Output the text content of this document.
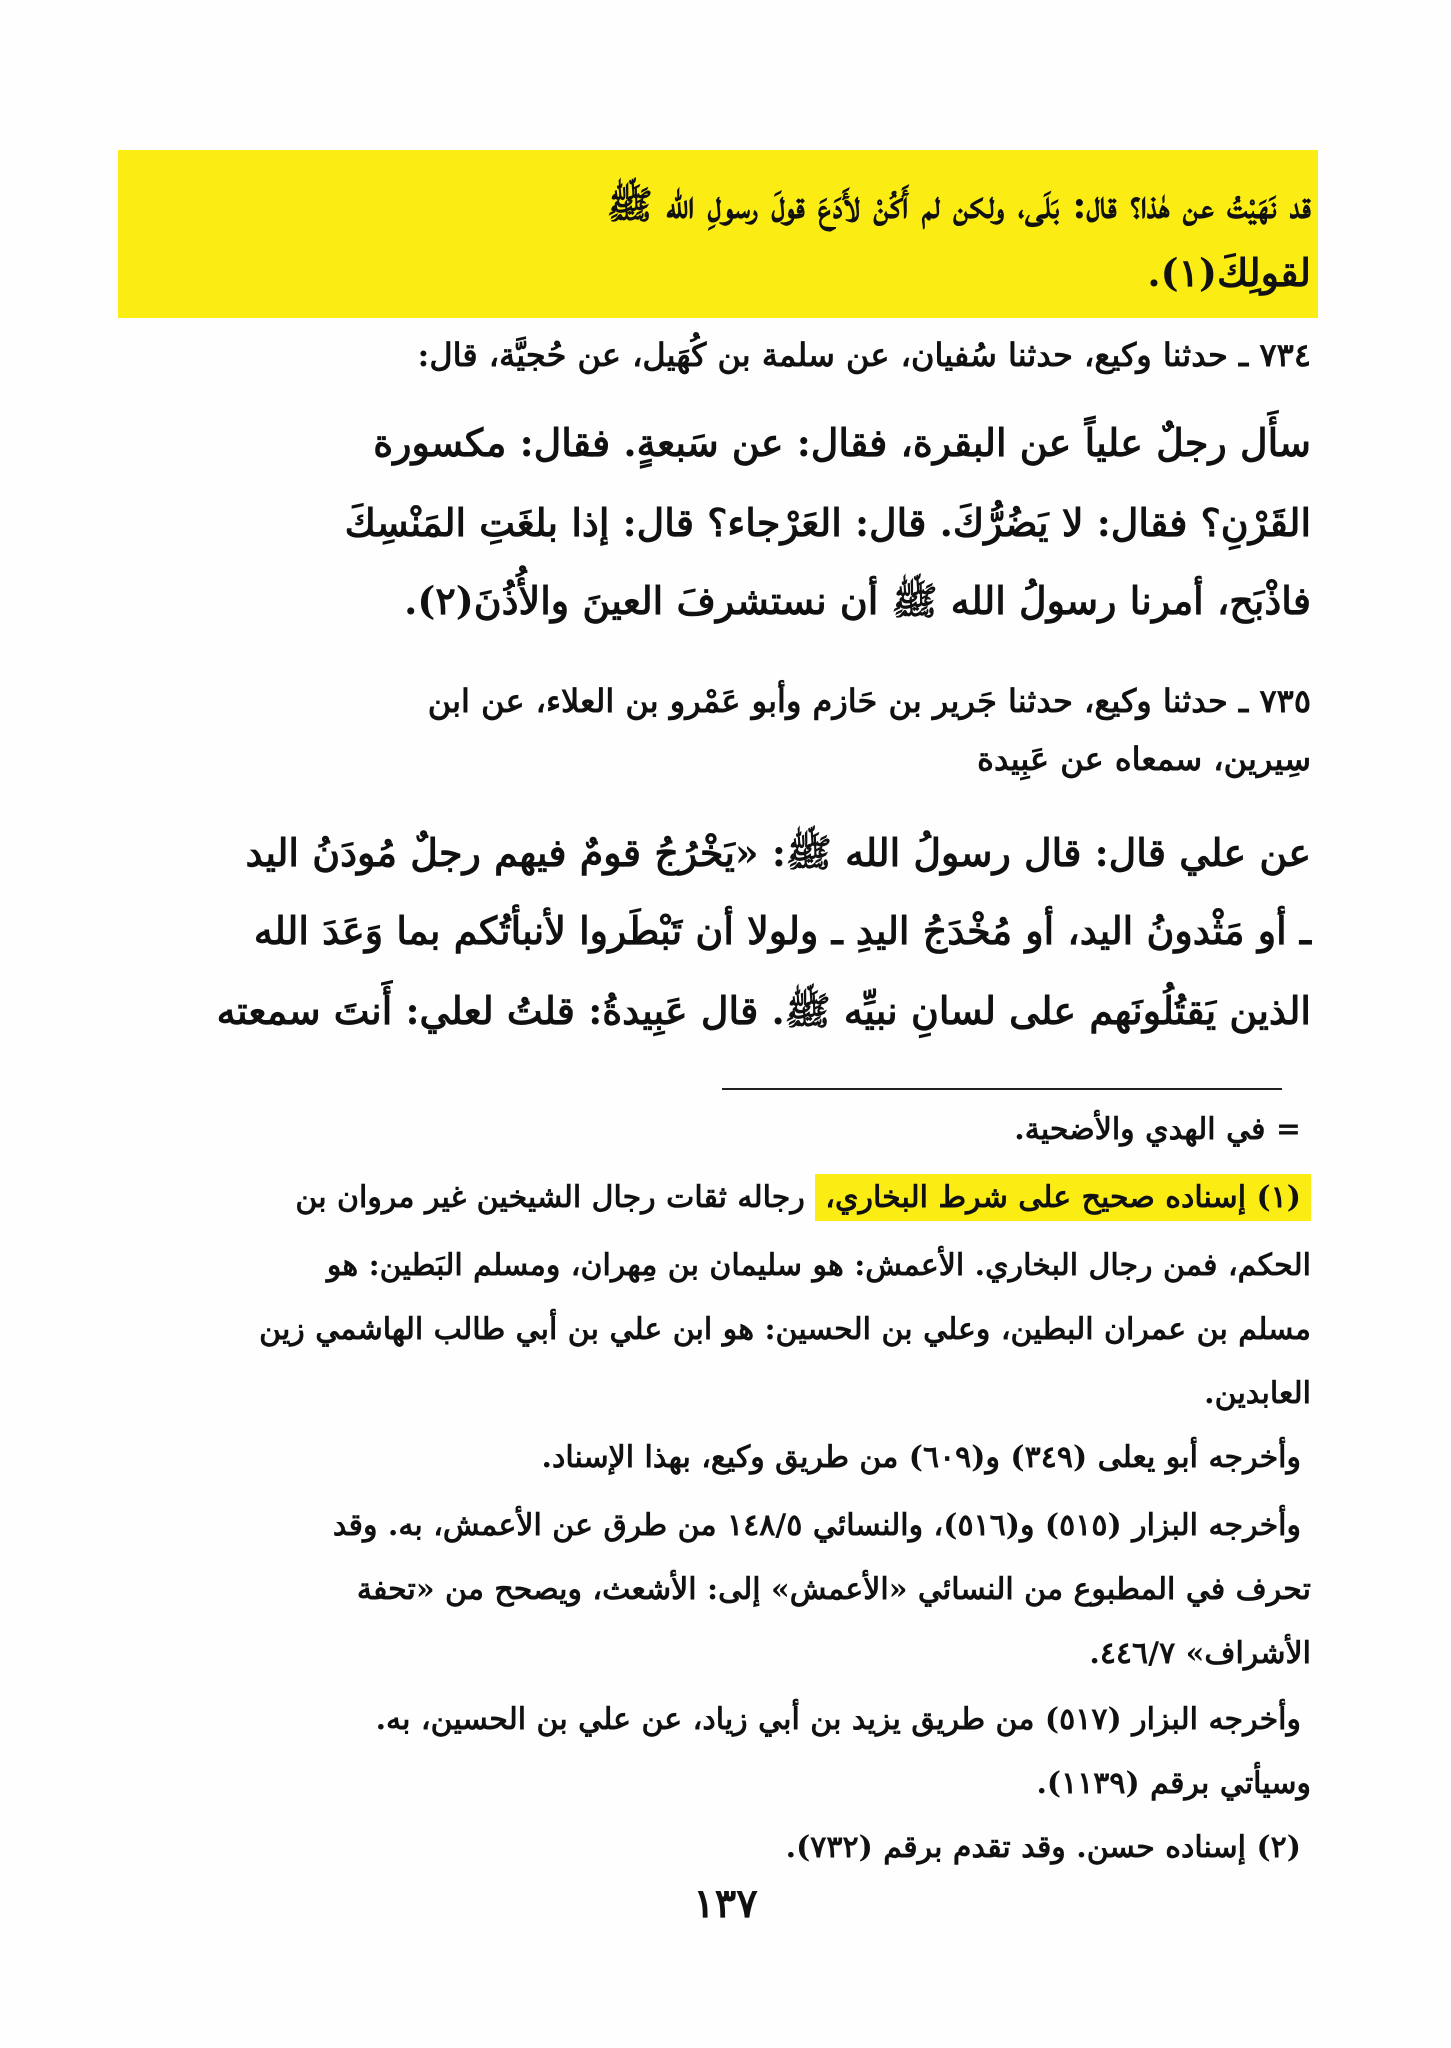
قد نَهَيْتُ عن هٰذا؟ قال: بَلَى، ولكن لم أَكُنْ لأَدَعَ قولَ رسولِ الله ﷺ
لقولِكَ(١).
٧٣٤ ـ حدثنا وكيع، حدثنا سُفيان، عن سلمة بن كُهَيل، عن حُجيَّة، قال:
سأَل رجلٌ علياً عن البقرة، فقال: عن سَبعةٍ. فقال: مكسورة
القَرْنِ؟ فقال: لا يَضُرُّكَ. قال: العَرْجاء؟ قال: إذا بلغَتِ المَنْسِكَ
فاذْبَح، أمرنا رسولُ الله ﷺ أن نستشرفَ العينَ والأُذُنَ(٢).
٧٣٥ ـ حدثنا وكيع، حدثنا جَرير بن حَازم وأبو عَمْرو بن العلاء، عن ابن
سِيرين، سمعاه عن عَبِيدة
عن علي قال: قال رسولُ الله ﷺ: «يَخْرُجُ قومٌ فيهم رجلٌ مُودَنُ اليد
ـ أو مَثْدونُ اليد، أو مُخْدَجُ اليدِ ـ ولولا أن تَبْطَروا لأنبأتُكم بما وَعَدَ الله
الذين يَقتُلُونَهم على لسانِ نبيِّه ﷺ. قال عَبِيدةُ: قلتُ لعلي: أَنتَ سمعته
= في الهدي والأضحية.
(١) إسناده صحيح على شرط البخاري، رجاله ثقات رجال الشيخين غير مروان بن
الحكم، فمن رجال البخاري. الأعمش: هو سليمان بن مِهران، ومسلم البَطين: هو
مسلم بن عمران البطين، وعلي بن الحسين: هو ابن علي بن أبي طالب الهاشمي زين
العابدين.
وأخرجه أبو يعلى (٣٤٩) و(٦٠٩) من طريق وكيع، بهذا الإسناد.
وأخرجه البزار (٥١٥) و(٥١٦)، والنسائي ١٤٨/٥ من طرق عن الأعمش، به. وقد
تحرف في المطبوع من النسائي «الأعمش» إلى: الأشعث، ويصحح من «تحفة
الأشراف» ٤٤٦/٧.
وأخرجه البزار (٥١٧) من طريق يزيد بن أبي زياد، عن علي بن الحسين، به.
وسيأتي برقم (١١٣٩).
(٢) إسناده حسن. وقد تقدم برقم (٧٣٢).
١٣٧
